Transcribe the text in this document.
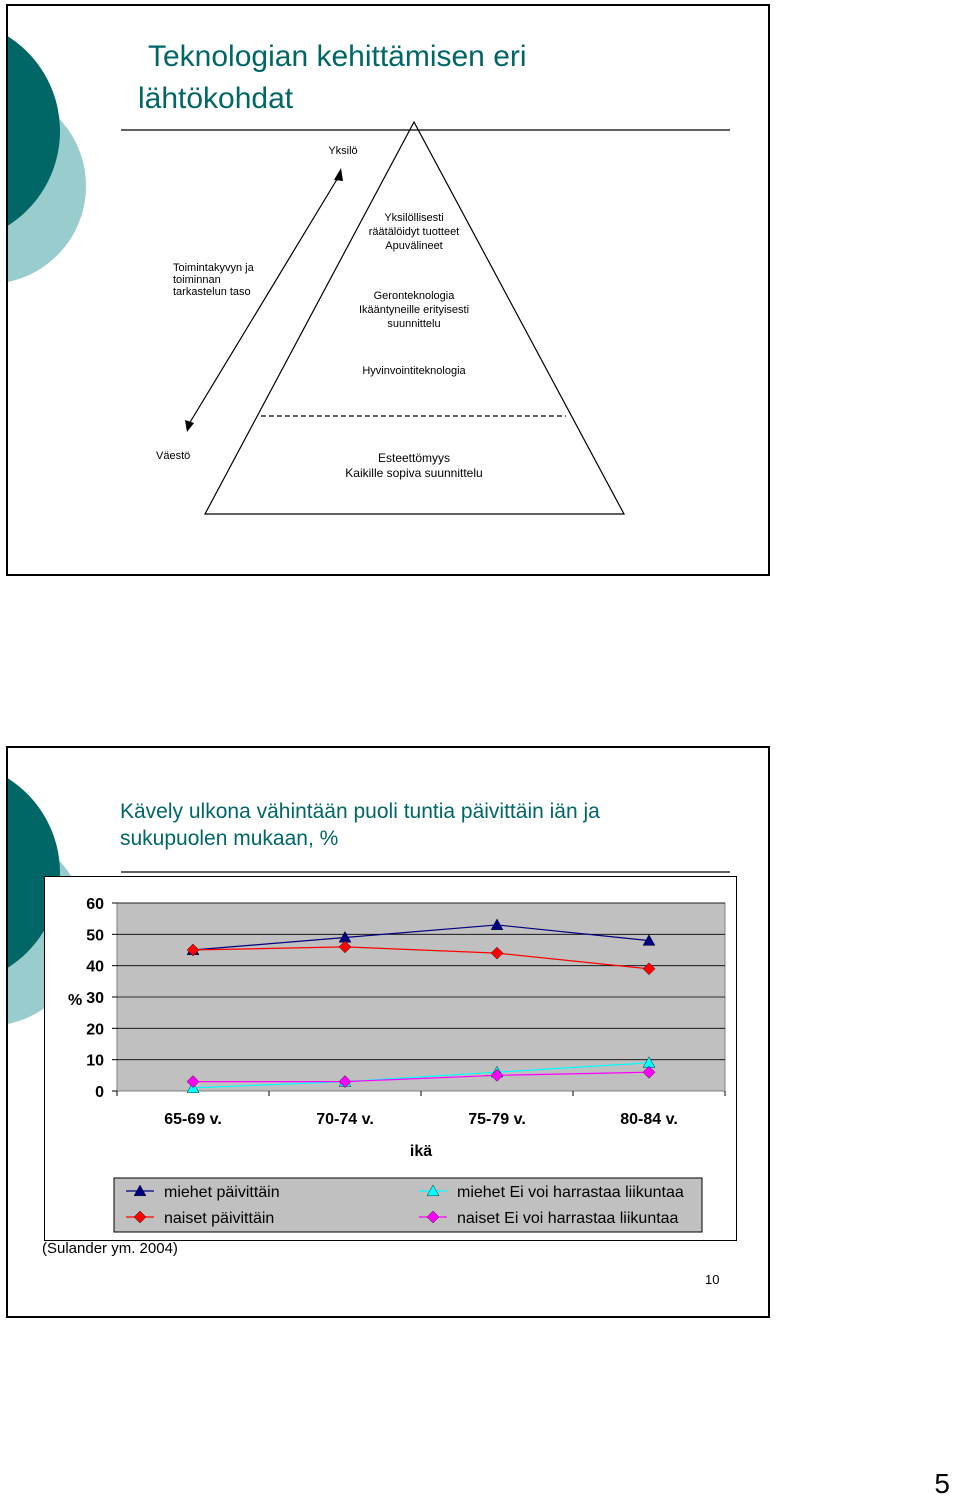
Teknologian kehittämisen eri
lähtökohdat
Yksilö
Toimintakyvyn ja toiminnan tarkastelun taso
Väestö
Yksilöllisesti
räätälöidyt tuotteet
Apuvälineet
Geronteknologia
Ikääntyneille erityisesti
suunnittelu
Hyvinvointiteknologia
Esteettömyys
Kaikille sopiva suunnittelu
Kävely ulkona vähintään puoli tuntia päivittäin iän ja
sukupuolen mukaan, %
0
10
20
30
40
50
60
%
65-69 v.	70-74 v.	75-79 v.	80-84 v.
ikä
miehet päivittäin
naiset päivittäin
miehet Ei voi harrastaa liikuntaa
naiset Ei voi harrastaa liikuntaa
(Sulander ym. 2004)
10
5
